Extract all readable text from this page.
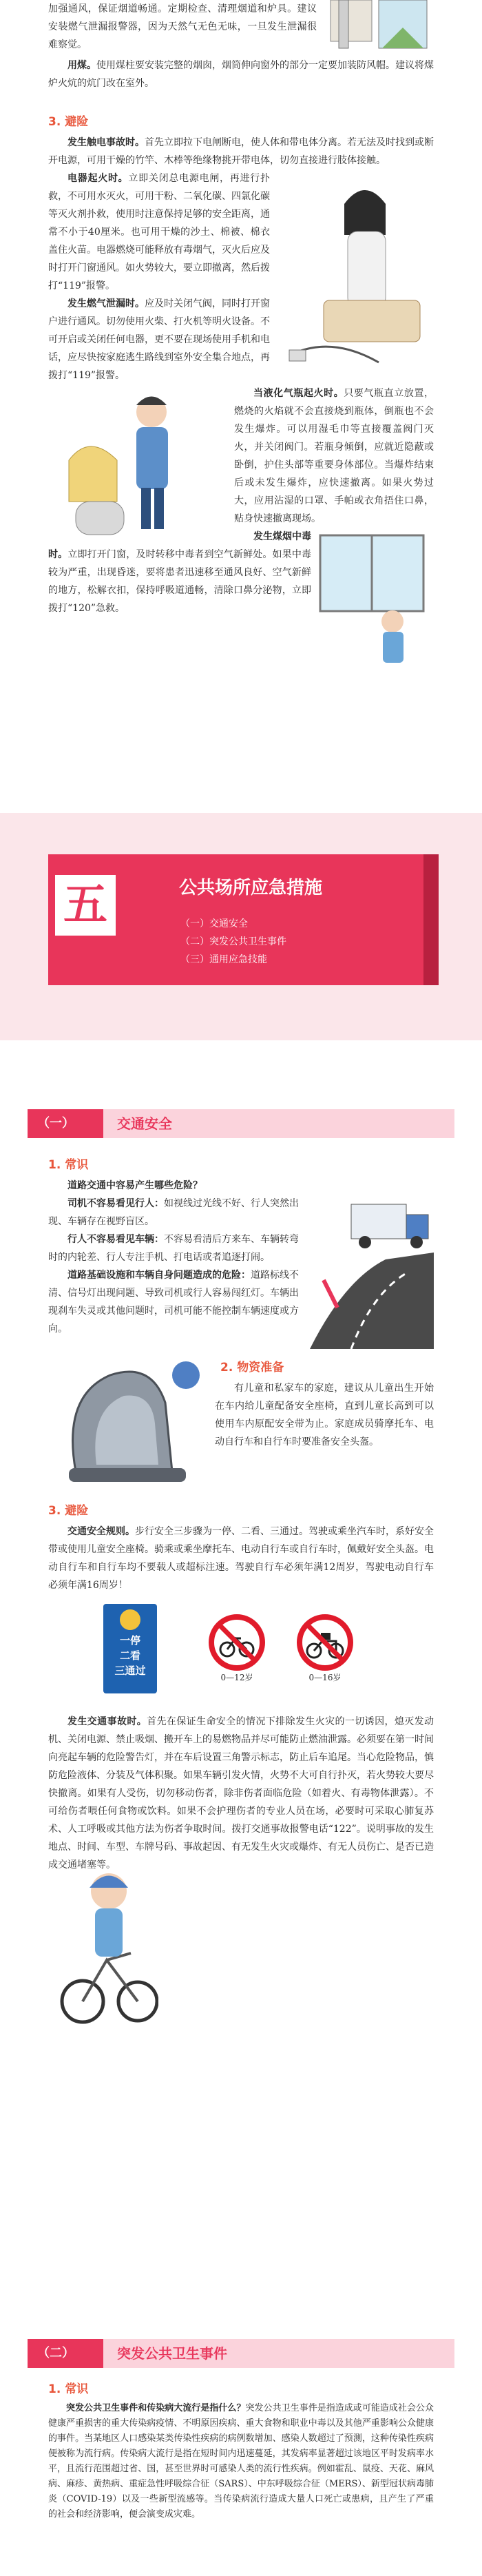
加强通风，保证烟道畅通。定期检查、清理烟道和炉具。建议安装燃气泄漏报警器，因为天然气无色无味，一旦发生泄漏很难察觉。

用煤。使用煤柱要安装完整的烟囱，烟筒伸向窗外的部分一定要加装防风帽。建议将煤炉火炕的炕门改在室外。

3. 避险

发生触电事故时。首先立即拉下电闸断电，使人体和带电体分离。若无法及时找到或断开电源，可用干燥的竹竿、木棒等绝缘物挑开带电体，切勿直接进行肢体接触。

电器起火时。立即关闭总电源电闸，再进行扑救，不可用水灭火，可用干粉、二氧化碳、四氯化碳等灭火剂扑救，使用时注意保持足够的安全距离，通常不小于40厘米。也可用干燥的沙土、棉被、棉衣盖住火苗。电器燃烧可能释放有毒烟气，灭火后应及时打开门窗通风。如火势较大，要立即撤离，然后拨打“119”报警。

发生燃气泄漏时。应及时关闭气阀，同时打开窗户进行通风。切勿使用火柴、打火机等明火设备。不可开启或关闭任何电器，更不要在现场使用手机和电话，应尽快按家庭逃生路线到室外安全集合地点，再拨打“119”报警。

当液化气瓶起火时。只要气瓶直立放置，燃烧的火焰就不会直接烧到瓶体，倒瓶也不会发生爆炸。可以用湿毛巾等直接覆盖阀门灭火，并关闭阀门。若瓶身倾倒，应就近隐蔽或卧倒，护住头部等重要身体部位。当爆炸结束后或未发生爆炸，应快速撤离。如果火势过大，应用沾湿的口罩、手帕或衣角捂住口鼻，贴身快速撤离现场。

发生煤烟中毒时。立即打开门窗，及时转移中毒者到空气新鲜处。如果中毒较为严重，出现昏迷，要将患者迅速移至通风良好、空气新鲜的地方，松解衣扣，保持呼吸道通畅，清除口鼻分泌物，立即拨打“120”急救。

五	公共场所应急措施
（一）交通安全
（二）突发公共卫生事件
（三）通用应急技能
（一）	交通安全
1. 常识

道路交通中容易产生哪些危险？

司机不容易看见行人：如视线过光线不好、行人突然出现、车辆存在视野盲区。

行人不容易看见车辆：不容易看清后方来车、车辆转弯时的内轮差、行人专注手机、打电话或者追逐打闹。

道路基础设施和车辆自身问题造成的危险：道路标线不清、信号灯出现问题、导致司机或行人容易闯红灯。车辆出现刹车失灵或其他问题时，司机可能不能控制车辆速度或方向。

2. 物资准备

有儿童和私家车的家庭，建议从儿童出生开始在车内给儿童配备安全座椅，直到儿童长高到可以使用车内原配安全带为止。家庭成员骑摩托车、电动自行车和自行车时要准备安全头盔。

3. 避险

交通安全规则。步行安全三步骤为一停、二看、三通过。驾驶或乘坐汽车时，系好安全带或使用儿童安全座椅。骑乘或乘坐摩托车、电动自行车或自行车时，佩戴好安全头盔。电动自行车和自行车均不要载人或超标注速。驾驶自行车必须年满12周岁，驾驶电动自行车必须年满16周岁！

一停
二看
三通过
0—12岁	0—16岁

发生交通事故时。首先在保证生命安全的情况下排除发生火灾的一切诱因，熄灭发动机、关闭电源、禁止吸烟、搬开车上的易燃物品并尽可能防止燃油泄露。必须要在第一时间向亮起车辆的危险警告灯，并在车后设置三角警示标志，防止后车追尾。当心危险物品，慎防危险液体、分装及气体积聚。如果车辆引发火情，火势不大可自行扑灭，若火势较大要尽快撤离。如果有人受伤，切勿移动伤者，除非伤者面临危险（如着火、有毒物体泄露）。不可给伤者喂任何食物或饮料。如果不会护理伤者的专业人员在场，必要时可采取心肺复苏术、人工呼吸或其他方法为伤者争取时间。拨打交通事故报警电话“122”。说明事故的发生地点、时间、车型、车牌号码、事故起因、有无发生火灾或爆炸、有无人员伤亡、是否已造成交通堵塞等。

（二）	突发公共卫生事件
1. 常识

突发公共卫生事件和传染病大流行是指什么？突发公共卫生事件是指造成或可能造成社会公众健康严重损害的重大传染病疫情、不明原因疾病、重大食物和职业中毒以及其他严重影响公众健康的事件。当某地区人口感染某类传染性疾病的病例数增加、感染人数超过了预测，这种传染性疾病便被称为流行病。传染病大流行是指在短时间内迅速蔓延，其发病率显著超过该地区平时发病率水平，且流行范围超过省、国，甚至世界时可感染人类的流行性疾病。例如霍乱、鼠疫、天花、麻风病、麻疹、黄热病、重症急性呼吸综合征（SARS）、中东呼吸综合征（MERS）、新型冠状病毒肺炎（COVID-19）以及一些新型流感等。当传染病流行造成大量人口死亡或患病，且产生了严重的社会和经济影响，便会演变成灾难。
